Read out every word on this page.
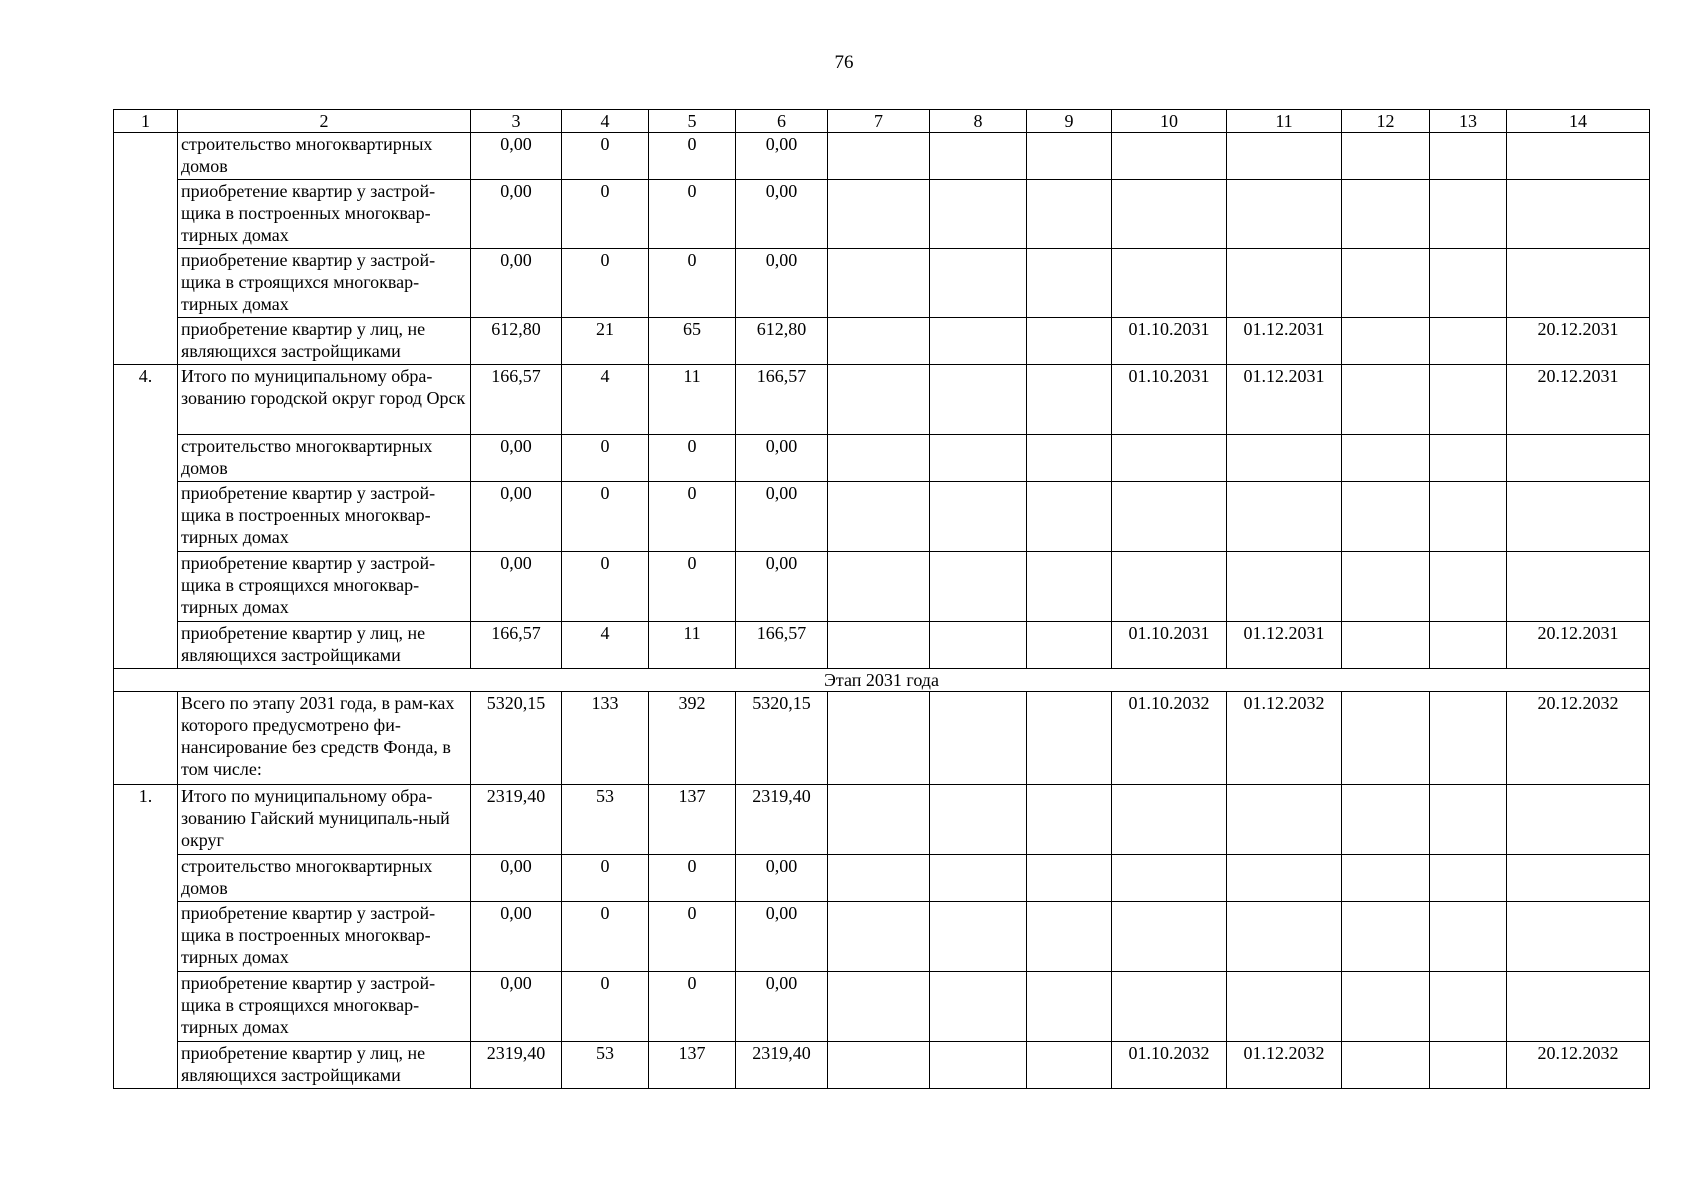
76
1	2	3	4	5	6	7	8	9	10	11	12	13	14
	строительство многоквартирных домов	0,00	0	0	0,00								
	приобретение квартир у застрой-щика в построенных многоквар-тирных домах	0,00	0	0	0,00								
	приобретение квартир у застрой-щика в строящихся многоквар-тирных домах	0,00	0	0	0,00								
	приобретение квартир у лиц, не являющихся застройщиками	612,80	21	65	612,80				01.10.2031	01.12.2031			20.12.2031
4.	Итого по муниципальному обра-зованию городской округ город Орск	166,57	4	11	166,57				01.10.2031	01.12.2031			20.12.2031
	строительство многоквартирных домов	0,00	0	0	0,00								
	приобретение квартир у застрой-щика в построенных многоквар-тирных домах	0,00	0	0	0,00								
	приобретение квартир у застрой-щика в строящихся многоквар-тирных домах	0,00	0	0	0,00								
	приобретение квартир у лиц, не являющихся застройщиками	166,57	4	11	166,57				01.10.2031	01.12.2031			20.12.2031
Этап 2031 года													
	Всего по этапу 2031 года, в рам-ках которого предусмотрено фи-нансирование без средств Фонда, в том числе:	5320,15	133	392	5320,15				01.10.2032	01.12.2032			20.12.2032
1.	Итого по муниципальному обра-зованию Гайский муниципаль-ный округ	2319,40	53	137	2319,40								
	строительство многоквартирных домов	0,00	0	0	0,00								
	приобретение квартир у застрой-щика в построенных многоквар-тирных домах	0,00	0	0	0,00								
	приобретение квартир у застрой-щика в строящихся многоквар-тирных домах	0,00	0	0	0,00								
	приобретение квартир у лиц, не являющихся застройщиками	2319,40	53	137	2319,40				01.10.2032	01.12.2032			20.12.2032
